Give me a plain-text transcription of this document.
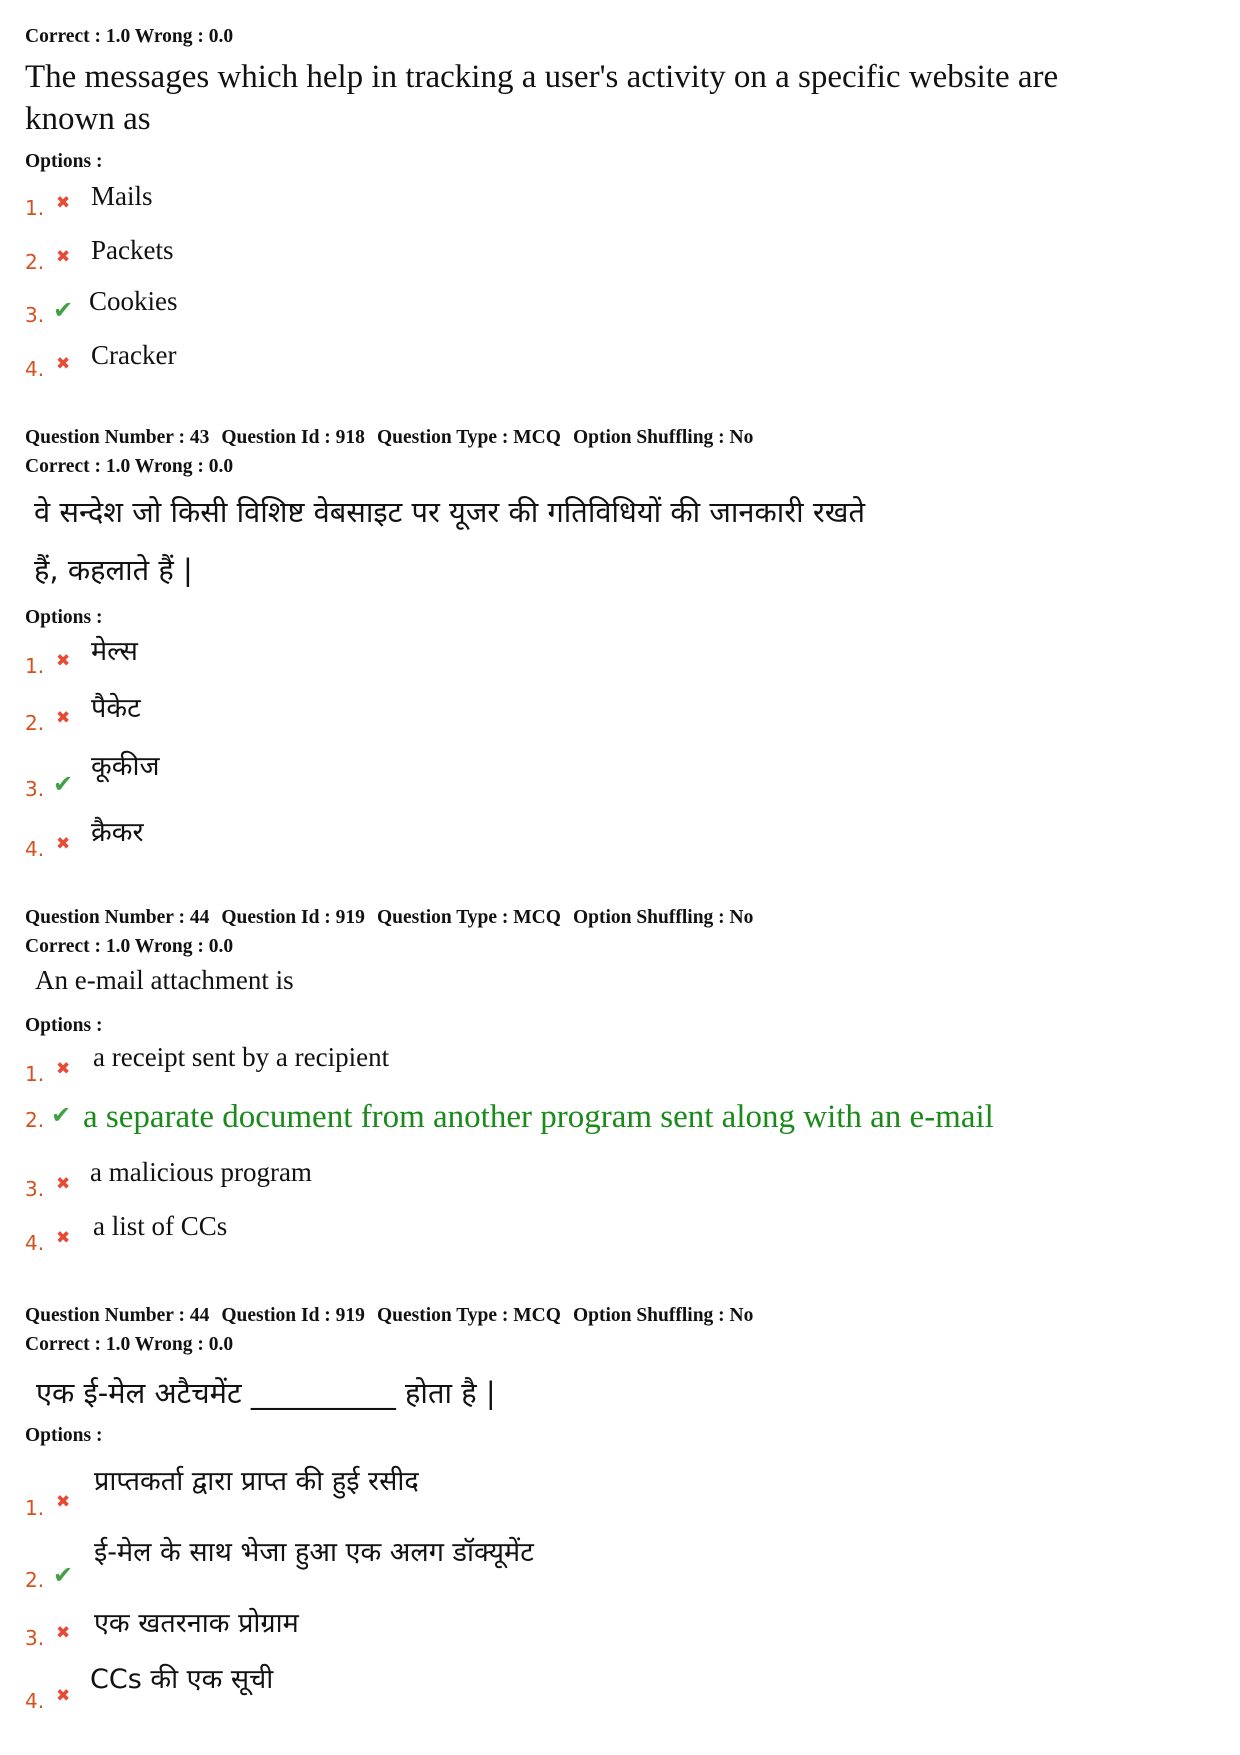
Correct : 1.0 Wrong : 0.0
The messages which help in tracking a user's activity on a specific website are
known as
Options :
1. ✖ Mails
2. ✖ Packets
3. ✔ Cookies
4. ✖ Cracker
Question Number : 43 Question Id : 918 Question Type : MCQ Option Shuffling : No
Correct : 1.0 Wrong : 0.0
वे सन्देश जो किसी विशिष्ट वेबसाइट पर यूजर की गतिविधियों की जानकारी रखते
हैं, कहलाते हैं |
Options :
1. ✖ मेल्स
2. ✖ पैकेट
3. ✔
कूकीज
4. ✖ क्रैकर
Question Number : 44 Question Id : 919 Question Type : MCQ Option Shuffling : No
Correct : 1.0 Wrong : 0.0
An e-mail attachment is
Options :
1. ✖ a receipt sent by a recipient
2. ✔ a separate document from another program sent along with an e-mail
3. ✖ a malicious program
4. ✖ a list of CCs
Question Number : 44 Question Id : 919 Question Type : MCQ Option Shuffling : No
Correct : 1.0 Wrong : 0.0
एक ई-मेल अटैचमेंट __________ होता है |
Options :
1. ✖
प्राप्तकर्ता द्वारा प्राप्त की हुई रसीद
2. ✔
ई-मेल के साथ भेजा हुआ एक अलग डॉक्यूमेंट
3. ✖ एक खतरनाक प्रोग्राम
4. ✖
CCs की एक सूची
